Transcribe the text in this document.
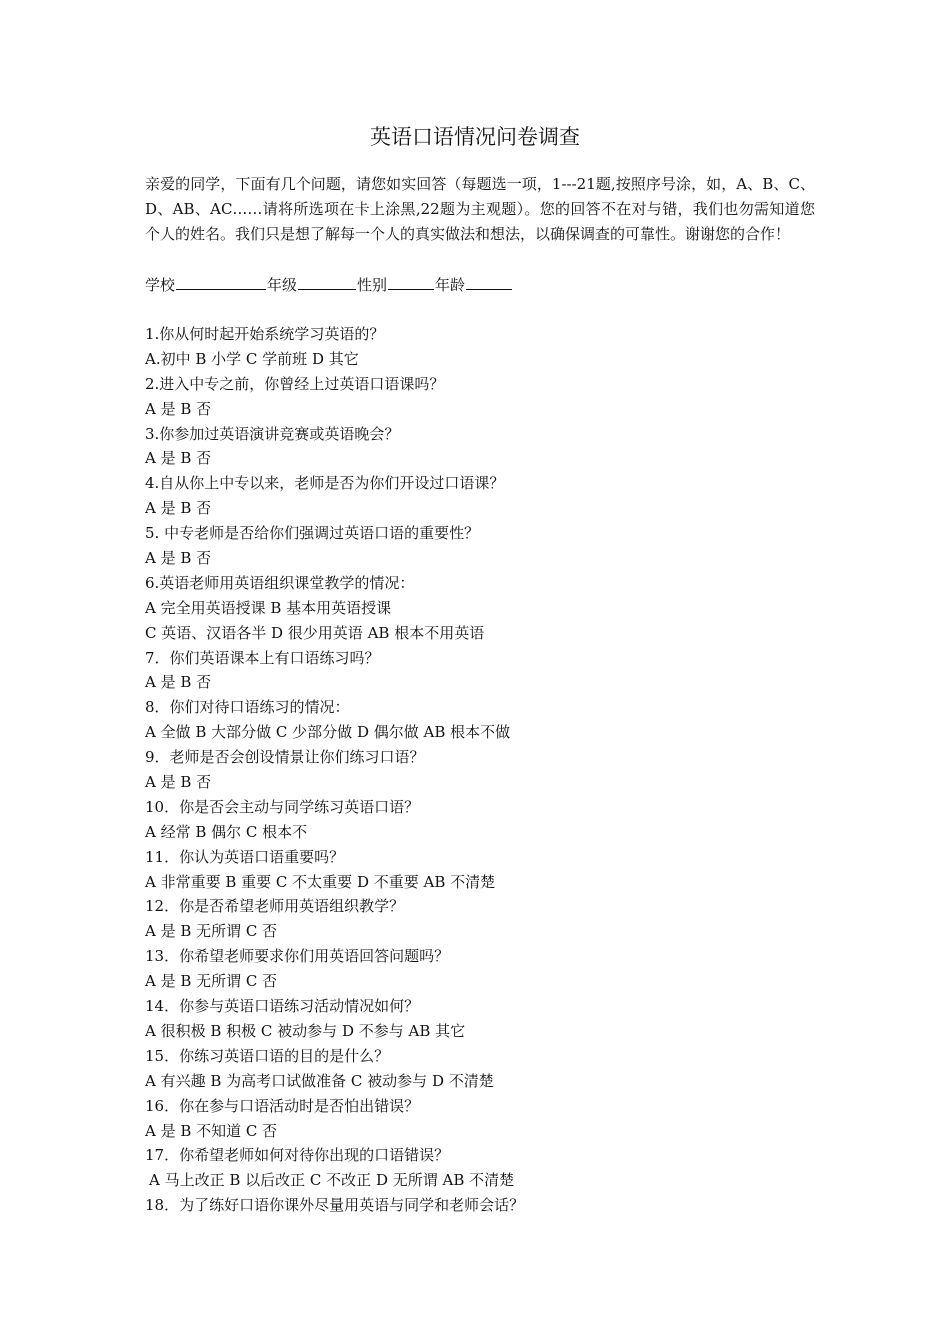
英语口语情况问卷调查
亲爱的同学，下面有几个问题，请您如实回答（每题选一项，1---21题,按照序号涂，如，A、B、C、D、AB、AC……请将所选项在卡上涂黑,22题为主观题）。您的回答不在对与错，我们也勿需知道您个人的姓名。我们只是想了解每一个人的真实做法和想法，以确保调查的可靠性。谢谢您的合作！
学校	年级	性别	年龄
1.你从何时起开始系统学习英语的？
A.初中 B 小学 C 学前班 D 其它
2.进入中专之前，你曾经上过英语口语课吗？
A 是 B 否
3.你参加过英语演讲竞赛或英语晚会？
A 是 B 否
4.自从你上中专以来，老师是否为你们开设过口语课？
A 是 B 否
5. 中专老师是否给你们强调过英语口语的重要性？
A 是 B 否
6.英语老师用英语组织课堂教学的情况：
A 完全用英语授课 B 基本用英语授课
C 英语、汉语各半 D 很少用英语 AB 根本不用英语
7．你们英语课本上有口语练习吗？
A 是 B 否
8．你们对待口语练习的情况：
A 全做 B 大部分做 C 少部分做 D 偶尔做 AB 根本不做
9．老师是否会创设情景让你们练习口语？
A 是 B 否
10．你是否会主动与同学练习英语口语？
A 经常 B 偶尔 C 根本不
11．你认为英语口语重要吗？
A 非常重要 B 重要 C 不太重要 D 不重要 AB 不清楚
12．你是否希望老师用英语组织教学？
A 是 B 无所谓 C 否
13．你希望老师要求你们用英语回答问题吗？
A 是 B 无所谓 C 否
14．你参与英语口语练习活动情况如何？
A 很积极 B 积极 C 被动参与 D 不参与 AB 其它
15．你练习英语口语的目的是什么？
A 有兴趣 B 为高考口试做准备 C 被动参与 D 不清楚
16．你在参与口语活动时是否怕出错误？
A 是 B 不知道 C 否
17．你希望老师如何对待你出现的口语错误？
A 马上改正 B 以后改正 C 不改正 D 无所谓 AB 不清楚
18．为了练好口语你课外尽量用英语与同学和老师会话？
